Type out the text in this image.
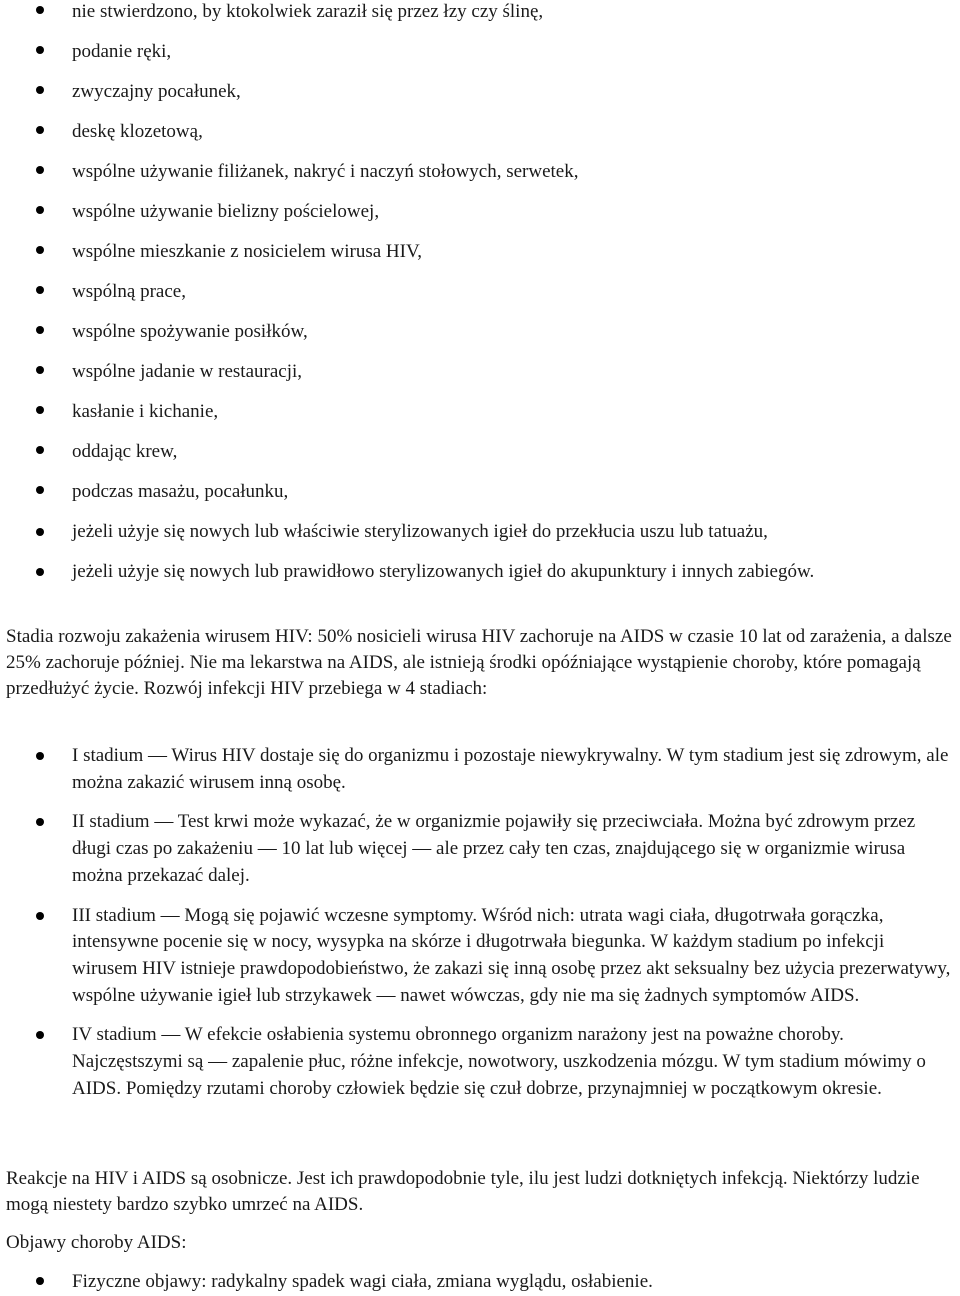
nie stwierdzono, by ktokolwiek zaraził się przez łzy czy ślinę,
podanie ręki,
zwyczajny pocałunek,
deskę klozetową,
wspólne używanie filiżanek, nakryć i naczyń stołowych, serwetek,
wspólne używanie bielizny pościelowej,
wspólne mieszkanie z nosicielem wirusa HIV,
wspólną prace,
wspólne spożywanie posiłków,
wspólne jadanie w restauracji,
kasłanie i kichanie,
oddając krew,
podczas masażu, pocałunku,
jeżeli użyje się nowych lub właściwie sterylizowanych igieł do przekłucia uszu lub tatuażu,
jeżeli użyje się nowych lub prawidłowo sterylizowanych igieł do akupunktury i innych zabiegów.

Stadia rozwoju zakażenia wirusem HIV: 50% nosicieli wirusa HIV zachoruje na AIDS w czasie 10 lat od zarażenia, a dalsze 25% zachoruje później. Nie ma lekarstwa na AIDS, ale istnieją środki opóźniające wystąpienie choroby, które pomagają przedłużyć życie. Rozwój infekcji HIV przebiega w 4 stadiach:

I stadium — Wirus HIV dostaje się do organizmu i pozostaje niewykrywalny. W tym stadium jest się zdrowym, ale można zakazić wirusem inną osobę.
II stadium — Test krwi może wykazać, że w organizmie pojawiły się przeciwciała. Można być zdrowym przez długi czas po zakażeniu — 10 lat lub więcej — ale przez cały ten czas, znajdującego się w organizmie wirusa można przekazać dalej.
III stadium — Mogą się pojawić wczesne symptomy. Wśród nich: utrata wagi ciała, długotrwała gorączka, intensywne pocenie się w nocy, wysypka na skórze i długotrwała biegunka. W każdym stadium po infekcji wirusem HIV istnieje prawdopodobieństwo, że zakazi się inną osobę przez akt seksualny bez użycia prezerwatywy, wspólne używanie igieł lub strzykawek — nawet wówczas, gdy nie ma się żadnych symptomów AIDS.
IV stadium — W efekcie osłabienia systemu obronnego organizm narażony jest na poważne choroby. Najczęstszymi są — zapalenie płuc, różne infekcje, nowotwory, uszkodzenia mózgu. W tym stadium mówimy o AIDS. Pomiędzy rzutami choroby człowiek będzie się czuł dobrze, przynajmniej w początkowym okresie.

Reakcje na HIV i AIDS są osobnicze. Jest ich prawdopodobnie tyle, ilu jest ludzi dotkniętych infekcją. Niektórzy ludzie mogą niestety bardzo szybko umrzeć na AIDS.

Objawy choroby AIDS:

Fizyczne objawy: radykalny spadek wagi ciała, zmiana wyglądu, osłabienie.
